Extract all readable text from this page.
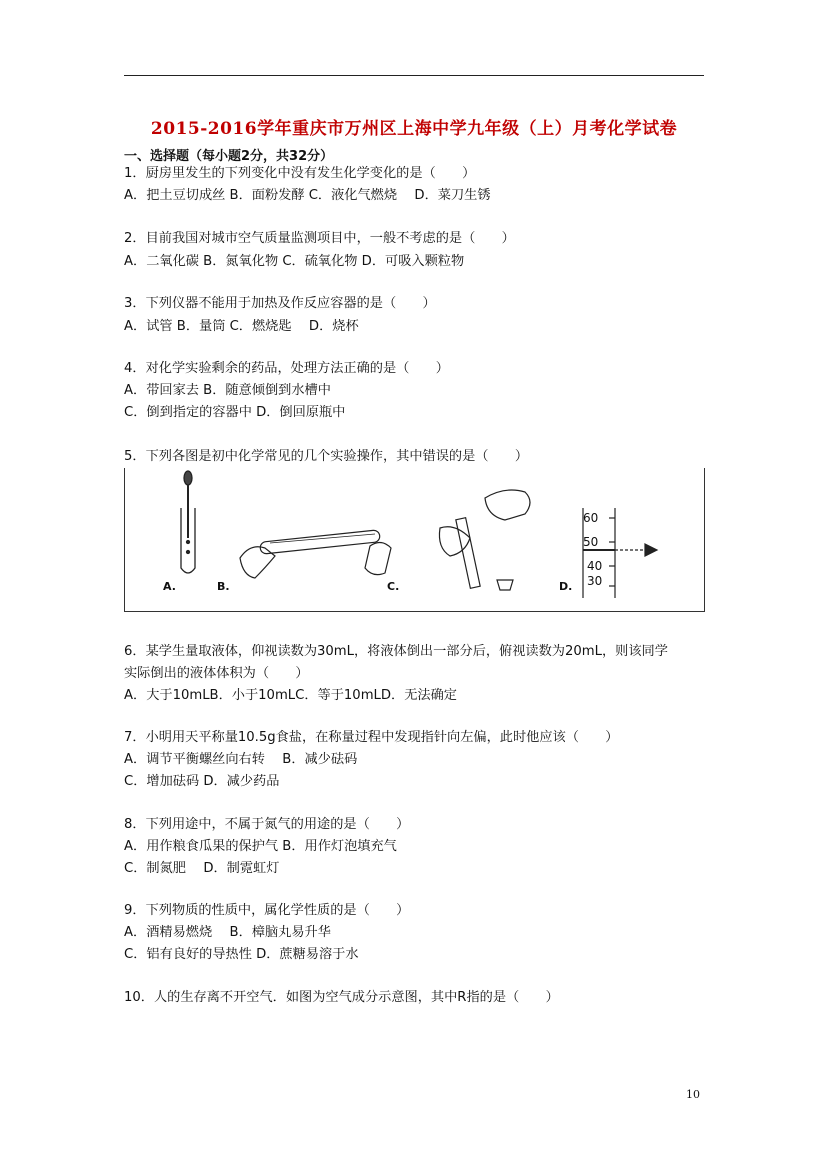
2015-2016学年重庆市万州区上海中学九年级（上）月考化学试卷
一、选择题（每小题2分，共32分）
1．厨房里发生的下列变化中没有发生化学变化的是（　　）
A．把土豆切成丝 B．面粉发酵 C．液化气燃烧　 D．菜刀生锈
2．目前我国对城市空气质量监测项目中，一般不考虑的是（　　）
A．二氧化碳 B．氮氧化物 C．硫氧化物 D．可吸入颗粒物
3．下列仪器不能用于加热及作反应容器的是（　　）
A．试管 B．量筒 C．燃烧匙　 D．烧杯
4．对化学实验剩余的药品，处理方法正确的是（　　）
A．带回家去 B．随意倾倒到水槽中
C．倒到指定的容器中 D．倒回原瓶中
5．下列各图是初中化学常见的几个实验操作，其中错误的是（　　）
60
50
40
30
A.	B.	C.	D.
6．某学生量取液体，仰视读数为30mL，将液体倒出一部分后，俯视读数为20mL，则该同学
实际倒出的液体体积为（　　）
A．大于10mLB．小于10mLC．等于10mLD．无法确定
7．小明用天平称量10.5g食盐，在称量过程中发现指针向左偏，此时他应该（　　）
A．调节平衡螺丝向右转　 B．减少砝码
C．增加砝码 D．减少药品
8．下列用途中，不属于氮气的用途的是（　　）
A．用作粮食瓜果的保护气 B．用作灯泡填充气
C．制氮肥　 D．制霓虹灯
9．下列物质的性质中，属化学性质的是（　　）
A．酒精易燃烧　 B．樟脑丸易升华
C．铝有良好的导热性 D．蔗糖易溶于水
10．人的生存离不开空气．如图为空气成分示意图，其中R指的是（　　）
10
